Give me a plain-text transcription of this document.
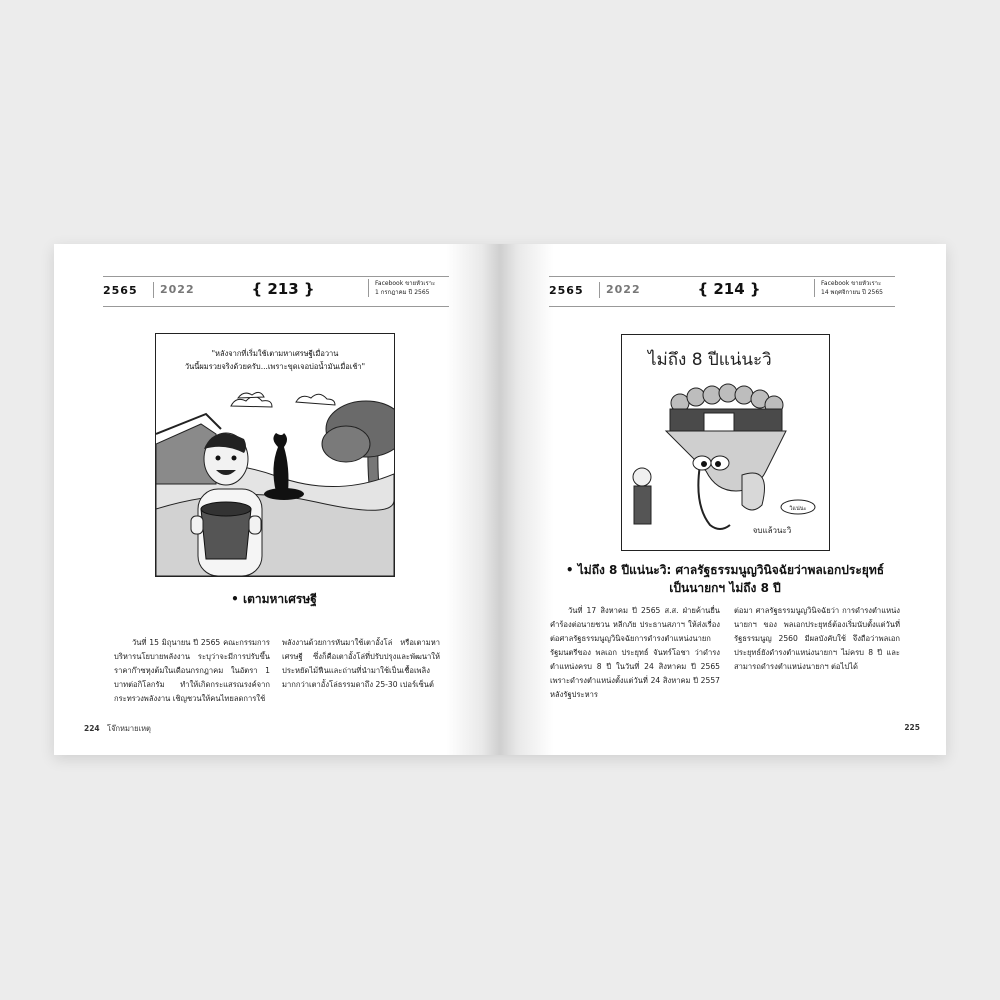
2565	2022	{ 213 }	Facebook ขายหัวเราะ
1 กรกฎาคม ปี 2565
"หลังจากที่เริ่มใช้เตามหาเศรษฐีเมื่อวาน
วันนี้ผมรวยจริงด้วยครับ...เพราะขุดเจอบ่อน้ำมันเมื่อเช้า"
• เตามหาเศรษฐี
วันที่ 15 มิถุนายน ปี 2565 คณะกรรมการบริหารนโยบายพลังงาน ระบุว่าจะมีการปรับขึ้นราคาก๊าซหุงต้มในเดือนกรกฎาคม ในอัตรา 1 บาทต่อกิโลกรัม ทำให้เกิดกระแสรณรงค์จากกระทรวงพลังงาน เชิญชวนให้คนไทยลดการใช้
พลังงานด้วยการหันมาใช้เตาอั้งโล่ หรือเตามหาเศรษฐี ซึ่งก็คือเตาอั้งโล่ที่ปรับปรุงและพัฒนาให้ประหยัดไม้ฟืนและถ่านที่นำมาใช้เป็นเชื้อเพลิงมากกว่าเตาอั้งโล่ธรรมดาถึง 25-30 เปอร์เซ็นต์
224 โจ๊กหมายเหตุ
2565	2022	{ 214 }	Facebook ขายหัวเราะ
14 พฤศจิกายน ปี 2565
ไม่ถึง 8 ปีแน่นะวิ
วิแน่นะ
จบแล้วนะวิ
• ไม่ถึง 8 ปีแน่นะวิ: ศาลรัฐธรรมนูญวินิจฉัยว่าพลเอกประยุทธ์
เป็นนายกฯ ไม่ถึง 8 ปี
วันที่ 17 สิงหาคม ปี 2565 ส.ส. ฝ่ายค้านยื่นคำร้องต่อนายชวน หลีกภัย ประธานสภาฯ ให้ส่งเรื่องต่อศาลรัฐธรรมนูญวินิจฉัยการดำรงตำแหน่งนายกรัฐมนตรีของ พลเอก ประยุทธ์ จันทร์โอชา ว่าดำรงตำแหน่งครบ 8 ปี ในวันที่ 24 สิงหาคม ปี 2565 เพราะดำรงตำแหน่งตั้งแต่วันที่ 24 สิงหาคม ปี 2557 หลังรัฐประหาร
ต่อมา ศาลรัฐธรรมนูญวินิจฉัยว่า การดำรงตำแหน่งนายกฯ ของ พลเอกประยุทธ์ต้องเริ่มนับตั้งแต่วันที่รัฐธรรมนูญ 2560 มีผลบังคับใช้ จึงถือว่าพลเอกประยุทธ์ยังดำรงตำแหน่งนายกฯ ไม่ครบ 8 ปี และสามารถดำรงตำแหน่งนายกฯ ต่อไปได้
225
